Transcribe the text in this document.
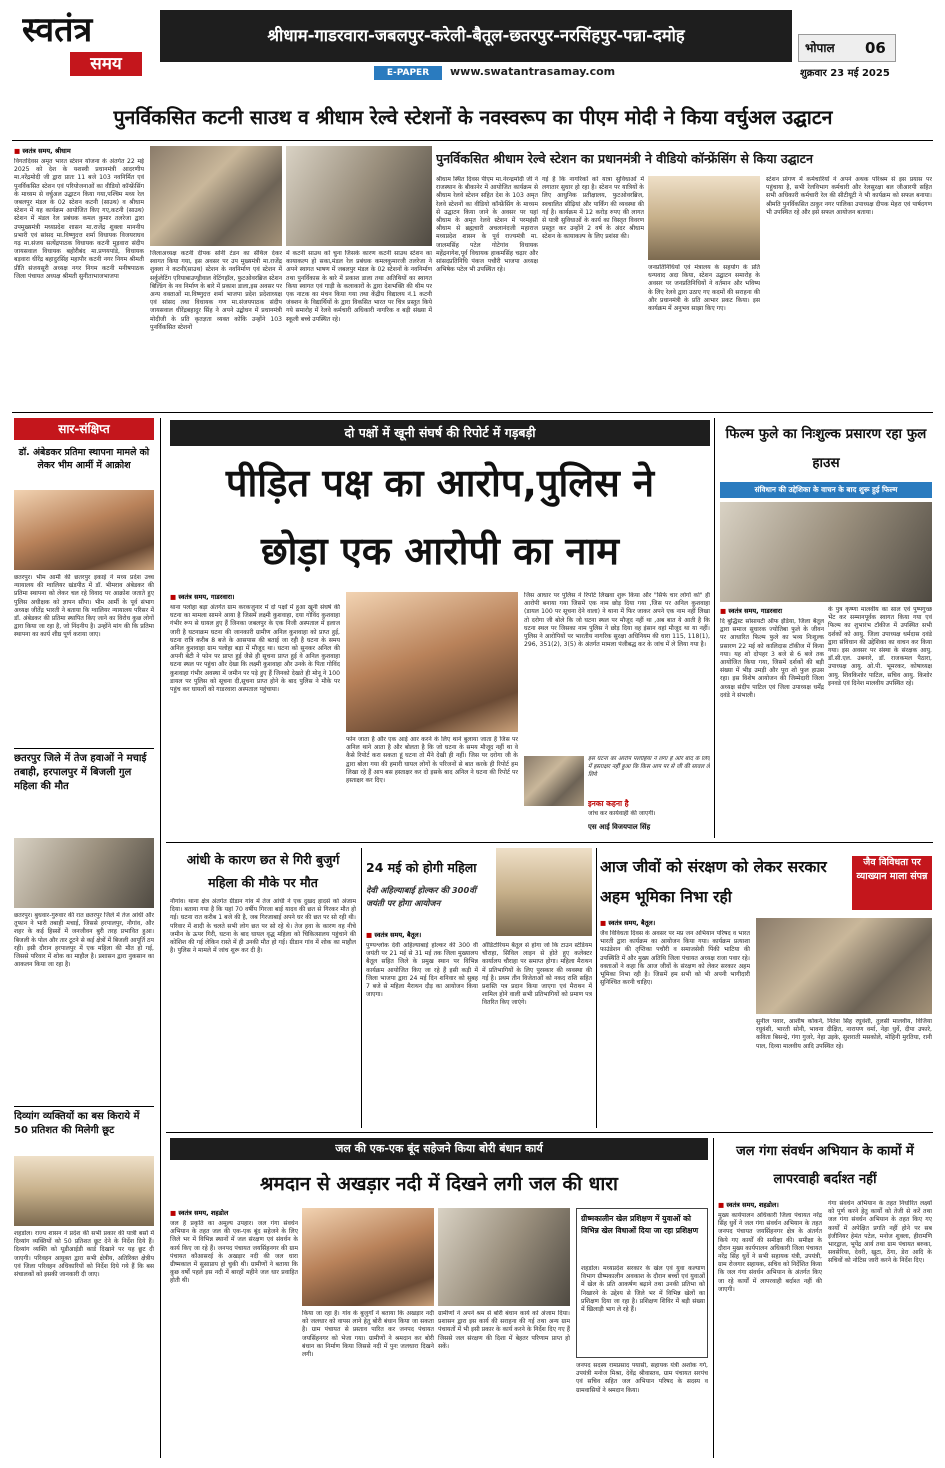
स्वतंत्र
समय
श्रीधाम-गाडरवारा-जबलपुर-करेली-बैतूल-छतरपुर-नरसिंहपुर-पन्ना-दमोह
भोपाल 06
E-PAPER	www.swatantrasamay.com	शुक्रवार 23 मई 2025
पुनर्विकसित कटनी साउथ व श्रीधाम रेल्वे स्टेशनों के नवस्वरूप का पीएम मोदी ने किया वर्चुअल उद्घाटन
■ स्वतंत्र समय, श्रीधाम
विगतदिवस अमृत भारत स्टेशन योजना के अंतर्गत 22 मई 2025 को देश के यशस्वी प्रधानमंत्री आदरणीय मा.नरेंद्रमोदी जी द्वारा प्रातः 11 बजे 103 नवनिर्मित एवं पुनर्विकसित स्टेशन एवं परियोजनाओं का वीडियो कॉन्फ्रेंसिंग के माध्यम से वर्चुअल उद्घाटन किया गया,पश्चिम मध्य रेल जबलपुर मंडल के 02 स्टेशन कटनी (साउथ) व श्रीधाम स्टेशन में यह कार्यक्रम आयोजित किए गए,कटनी (साउथ) स्टेशन में मंडल रेल प्रबंधक कमल कुमार तलरेजा द्वारा उपमुख्यमंत्री मध्यप्रदेश शासन मा.राजेंद्र शुक्ला माननीय प्रभारी एवं सांसद मा.विष्णुदत्त शर्मा विधायक विजयराघव गढ़ मा.संजय सत्येंद्रपाठक विधायक कटनी मुड़वारा संदीप जायसवाल विधायक बहोरीबंद मा.प्रणयपांडे, विधायक बड़वारा धीरेंद्र बहादुरसिंह महापौर कटनी नगर निगम श्रीमती प्रीति संजयसूरी अध्यक्ष नगर निगम कटनी मनीषपाठक जिला पंचायत अध्यक्ष श्रीमती सुनीताभाजभाजपा
जिलाअध्यक्ष कटनी दीपक सोनी टंडन का सेंथिल देकर स्वागत किया गया, इस अवसर पर उप मुख्यमंत्री मा.राजेंद्र शुक्ला ने कटनी(साउथ) स्टेशन के नवनिर्माण एवं स्टेशन में सर्कुलेटिंग एरियाबाउण्ड्रीवाल वेटिंगहॉल, फुटओवरब्रिज स्टेशन बिल्डिंग के नव निर्माण के बारे में प्रकाश डाला,इस अवसर पर अन्य वक्ताओं मा.विष्णुदत्त शर्मा भाजपा प्रदेश प्रदेशाध्यक्ष एवं सांसद तथा विधायक गण मा.संजयपाठक संदीप जायसवाल धीरेंद्रबहादुर सिंह ने अपने उद्बोधन में प्रधानमंत्री मोदीजी के प्रति कृतज्ञता व्यक्त कोकि उन्होंने 103 पुनर्विकसित स्टेशनों
में कटनी साउथ को चुना जिसके कारण कटनी साउथ स्टेशन का कायाकल्प हो सका,मंडल रेल प्रबंधक कमलकुमारजी तलरेजा ने अपने स्वागत भाषण में जबलपुर मंडल के 02 स्टेशनों के नवनिर्माण तथा पुनर्विकास के बारे में प्रकाश डाला तथा अतिथियों का स्वागत किया स्वागत एवं गाड़ी के कलाकारों के द्वारा देशभक्ति की थीम पर एक नाटक का मंचन किया गया तथा केंद्रीय विद्यालय नं.1 कटनी जंक्शन के विद्यार्थियों के द्वारा विकसित भारत पर चित्र प्रस्तुत किये गये समारोह में रेलवे कर्मचारी अधिकारी नागरिक व बड़ी संख्या में स्कूली बच्चे उपस्थित रहे।
पुनर्विकसित श्रीधाम रेल्वे स्टेशन का प्रधानमंत्री ने वीडियो कॉन्फ्रेंसिंग से किया उद्घाटन
श्रीधाम स्थित दिवस पीएम मा.नेरन्द्रमोदी जी ने राजस्थान के बीकानेर में आयोजित कार्यक्रम से श्रीधाम रेलवे स्टेशन सहित देश के 103 अमृत रेलवे स्टेशनों का वीडियो कॉन्फ्रेंसिंग के माध्यम से उद्घाटन किया जाने के अवसर पर यहां श्रीधाम के अमृत रेलवे स्टेशन में परमहंसी श्रीधाम से ब्रह्मचारी अचलानंदजी महाराज मध्यप्रदेश शासन के पूर्व राज्यमंत्री मा. जालमसिंह पटेल गोटेगांव विधायक महेंद्रनागेश,पूर्व विधायक हाकमसिंह चढ़ार और सांसदप्रतिनिधि पंकज पचौरी भाजपा अध्यक्ष अभिषेक पटेल भी उपस्थित रहे।
गई है कि नागरिकों को यात्रा सुविधाओं में लगातार सुधार हो रहा है। स्टेशन पर यात्रियों के लिए आधुनिक प्रतीक्षालय, फुटओवरब्रिज, स्वचालित सीढ़ियां और पार्किंग की व्यवस्था की गई है। कार्यक्रम में 12 करोड़ रुपए की लागत से यात्री सुविधाओं के कार्य का विस्तृत विवरण प्रस्तुत कर उन्होंने 2 वर्ष के अंदर श्रीधाम स्टेशन के कायाकल्प के लिए प्रशंसा की।
जनप्रतिनिधियों एवं मंत्रालय के सहयोग के प्रति धन्यवाद अदा किया, स्टेशन उद्घाटन समारोह के अवसर पर जनप्रतिनिधियों ने वर्तमान और भविष्य के लिए रेलवे द्वारा उठाए गए कदमों की सराहना की और प्रधानमंत्री के प्रति आभार प्रकट किया। इस कार्यक्रम में अनुभव साझा किए गए।
स्टेशन प्रांगण में कर्मचारियों ने अपने अथक परिश्रम से इस प्रयास पर पहुंचाया है, सभी रेलविभाग कर्मचारी और रेलसुरक्षा बल जीआरपी सहित सभी अधिकारी कर्मचारी रेल की सीटीयूटी ने भी कार्यक्रम को सफल बनाया। श्रीमति पुनर्विकसित ठाकुर नगर पालिका उपाध्यक्ष दीपक मेहरा एवं पार्षदगण भी उपस्थित रहे और इसे सफल आयोजन बताया।
सार-संक्षिप्त
डॉ. अंबेडकर प्रतिमा स्थापना मामले को लेकर भीम आर्मी में आक्रोश
छतरपुर। भीम आर्मी की छतरपुर इकाई ने मध्य प्रदेश उच्च न्यायालय की ग्वालियर खंडपीठ में डॉ. भीमराव अंबेडकर की प्रतिमा स्थापना को लेकर चल रहे विवाद पर आक्रोश जताते हुए पुलिस अधीक्षक को ज्ञापन सौंपा। भीम आर्मी के पूर्व संभाग अध्यक्ष जीतेंद्र भारती ने बताया कि ग्वालियर न्यायालय परिसर में डॉ. अंबेडकर की प्रतिमा स्थापित किए जाने का विरोध कुछ लोगों द्वारा किया जा रहा है, जो निंदनीय है। उन्होंने मांग की कि प्रतिमा स्थापना का कार्य शीघ्र पूर्ण कराया जाए।
छतरपुर जिले में तेज हवाओं ने मचाई तबाही, हरपालपुर में बिजली गुल महिला की मौत
छतरपुर। बुधवार-गुरुवार की रात छतरपुर जिले में तेज आंधी और तूफान ने भारी तबाही मचाई, जिससे हरपालपुर, नौगांव, और शहर के कई हिस्सों में जनजीवन बुरी तरह प्रभावित हुआ। बिजली के पोल और तार टूटने से कई क्षेत्रों में बिजली आपूर्ति ठप रही। इसी दौरान हरपालपुर में एक महिला की मौत हो गई, जिससे परिवार में शोक का माहौल है। प्रशासन द्वारा नुकसान का आकलन किया जा रहा है।
दिव्यांग व्यक्तियों का बस किराये में 50 प्रतिशत की मिलेगी छूट
शहडोल। राज्य शासन ने प्रदेश की सभी प्रकार की यात्री बसों में दिव्यांग व्यक्तियों को 50 प्रतिशत छूट देने के निर्देश दिये हैं। दिव्यांग व्यक्ति को यूडीआईडी कार्ड दिखाने पर यह छूट दी जाएगी। परिवहन आयुक्त द्वारा सभी क्षेत्रीय, अतिरिक्त क्षेत्रीय एवं जिला परिवहन अधिकारियों को निर्देश दिये गये हैं कि बस संचालकों को इसकी जानकारी दी जाए।
दो पक्षों में खूनी संघर्ष की रिपोर्ट में गड़बड़ी
पीड़ित पक्ष का आरोप,पुलिस ने
छोड़ा एक आरोपी का नाम
■ स्वतंत्र समय, गाडरवारा।
थाना पलोहा बड़ा अंतर्गत ग्राम करकजुनार में दो पक्षों में हुआ खूनी संघर्ष की घटना का मामला सामने आया है जिसमें लक्ष्मी कुशवाहा, दया गोविंद कुशवाहा गंभीर रूप से घायल हुए हैं जिनका जबलपुर के एक निजी अस्पताल में इलाज जारी है घटनाक्रम घटना की जानकारी ग्रामीण अनिल कुशवाहा को प्राप्त हुई, घटना रात्रि करीब 8 बजे के आसपास की बताई जा रही है घटना के समय अनिल कुशवाहा ग्राम पलोहा बड़ा में मौजूद था। घटना को सुनकर अनिल की अपनी बेटी ने फोन पर प्राप्त हुई जैसे ही सूचना प्राप्त हुई वे अनिल कुशवाहा घटना स्थल पर पहुंचा और देखा कि लक्ष्मी कुशवाहा और उनके के पिता गोविंद कुशवाहा गंभीर अवस्था में जमीन पर पड़े हुए हैं जिनको देखते ही मोनू ने 100 डायल पर पुलिस को सूचना दी,सूचना प्राप्त होने के बाद पुलिस ने मौके पर पहुंच कर घायलों को गाडरवारा अस्पताल पहुंचाया।
फोन जाता है और एक आई आर करने के लिए थाने बुलाया जाता है जिस पर अनिल थाने आता है और बोलता है कि जो घटना के समय मौजूद नहीं था वे कैसे रिपोर्ट करा सकता हूं घटना तो मैंने देखी ही नहीं। जिस पर दरोगा जी के द्वारा बोला गया की हमारी घायल लोगों के परिजनों से बात करके ही रिपोर्ट हम लिखा रहे हैं आप बस हस्ताक्षर कर दो इसके बाद अनिल ने घटना की रिपोर्ट पर हस्ताक्षर कर दिए।
जिस आधार पर पुलिस ने रिपोर्ट लिखवा शुरू किया और "सिर्फ चार लोगों को" ही आरोपी बनाया गया जिसमें एक नाम छोड़ दिया गया ,जिस पर अनिल कुशवाहा (डायल 100 पर सूचना देने वाला) ने थाना में फिर जाकर अपने एक नाम नहीं लिखा तो दरोगा जी बोले कि जो घटना स्थल पर मौजूद नहीं था ,अब बात ये आती है कि घटना स्थल पर जिसका नाम पुलिस ने छोड़ दिया वह इंसान वहां मौजूद था या नहीं। पुलिस ने आरोपियों पर भारतीय नागरिक सुरक्षा अधिनियम की धारा 115, 118(1), 296, 351(2), 3(5) के अंतर्गत मामला पंजीबद्ध कर के जांच में ले लिया गया है।
इस घटना का आरोप पलोहिया ने लगा है और बाद के लिए में हस्ताक्षर नहीं हुआ कि किस आप पर से जी की सावल लें लिये
इनका कहना है
जांच कर कार्यवाही की जाएगी।
एस आई विजयपाल सिंह
फिल्म फुले का निःशुल्क प्रसारण रहा फुल हाउस
संविधान की उद्देशिका के वाचन के बाद शुरू हुई फिल्म
■ स्वतंत्र समय, गाडरवारा
दि बुद्धिस्ट सोसायटी ऑफ इंडिया, जिला बैतूल द्वारा समाज सुधारक ज्योतिबा फुले के जीवन पर आधारित फिल्म फुले का भव्य निःशुल्क प्रसारण 22 मई को कालिदास टॉकीज में किया गया। यह शो दोपहर 3 बजे से 6 बजे तक आयोजित किया गया, जिसमें दर्शकों की बड़ी संख्या में भीड़ उमड़ी और पूरा शो फुल हाउस रहा। इस विशेष आयोजन की जिम्मेदारी जिला अध्यक्ष संदीप पाटिल एवं जिला उपाध्यक्ष धर्मेंद्र दवंडे ने संभाली।
के पुत्र कृष्णा मालवीय का साल एवं पुष्पगुच्छ भेंट कर सम्मानपूर्वक स्वागत किया गया एवं फिल्म का शुभारंभ टॉकीज में उपस्थित सभी दर्शकों को आयु. जिला उपाध्यक्ष धर्मदास दवंडे द्वारा संविधान की उद्देशिका का वाचन कर किया गया। इस अवसर पर संस्था के संरक्षक आयु. डॉ.सी.एल. उबनारे, डॉ. राजकमल पैठारा, उपाध्यक्ष आयु. ओ.पी. भूमरकर, कोषाध्यक्ष आयु. शिवकिशोर पाटिल, सचिव आयु. किशोर इनवडे एवं दिनेश मालवीय उपस्थित रहे।
आंधी के कारण छत से गिरी बुजुर्ग महिला की मौके पर मौत
नौगांव। थाना क्षेत्र अंतर्गत ग्रीडान गांव में तेज आंधी ने एक दुखद हादसे को अंजाम दिया। बताया गया है कि यहां 70 वर्षीय गिरजा बाई यादव की छत से गिरकर मौत हो गई। घटना रात करीब 1 बजे की है, जब गिरजाबाई अपने घर की छत पर सो रही थी। परिवार में शादी के चलते सभी लोग छत पर सो रहे थे। तेज हवा के कारण वह नीचे जमीन के ऊपर गिरी, घटना के बाद घायल वृद्ध महिला को चिकित्सालय पहुंचाने की कोशिश की गई लेकिन रास्ते में ही उनकी मौत हो गई। ग्रीडान गांव में शोक का माहौल है। पुलिस ने मामले में जांच शुरू कर दी है।
24 मई को होगी महिला
देवी अहिल्याबाई होल्कर की 300वीं जयंती पर होगा आयोजन
■ स्वतंत्र समय, बैतूल।
पुण्यश्लोक देवी अहिल्याबाई होल्कर की 300 वीं जयंती पर 21 मई से 31 मई तक जिला मुख्यालय बैतूल सहित जिले के प्रमुख स्थान पर विभिन्न कार्यक्रम आयोजित किए जा रहे हैं इसी कड़ी में जिला भाजपा द्वारा 24 मई दिन शनिवार को सुबह 7 बजे से महिला मैराथन दौड़ का आयोजन किया जाएगा।
ऑडिटोरियम बैतूल से होगा जो कि टाउन स्टेडियम चौराहा, सिविल लाइन से होते हुए कलेक्टर कार्यालय चौराहा पर समाप्त होगा। महिला मैराथन में प्रतिभागियों के लिए पुरस्कार की व्यवस्था की गई है। प्रथम तीन विजेताओं को नकद राशि सहित प्रशस्ति पत्र प्रदान किया जाएगा एवं मैराथन में शामिल होने वाली सभी प्रतिभागियों को प्रमाण पत्र वितरित किए जाएंगे।
आज जीवों को संरक्षण को लेकर सरकार अहम भूमिका निभा रही
जैव विविधता पर व्याख्यान माला संपन्न
■ स्वतंत्र समय, बैतूल।
जैव विविधता दिवस के अवसर पर मप्र जन अभियान परिषद व भारत भारती द्वारा कार्यक्रम का आयोजन किया गया। कार्यक्रम प्रत्याशा फाउंडेशन की तृप्तिका पचौरी व समाजसेवी पिंकी भाटिया की उपस्थिति में और मुख्य अतिथि जिला पंचायत अध्यक्ष राजा पवार रहे। वक्ताओं ने कहा कि आज जीवों के संरक्षण को लेकर सरकार अहम भूमिका निभा रही है। जिसमें हम सभी को भी अपनी भागीदारी सुनिश्चित करनी चाहिए।
सुनील पवार, आशीष कोकने, नितेश सिंह रघुवंशी, तुलसी मालवीय, विजिया रघुवंशी, भारती सोनी, भावना दीक्षित, नारायण वर्मा, नेहा धुर्वे, दीपा उफारे, कविता बिसन्द्रे, गंगा गुजरे, नेहा उइके, सुशराती मसकोले, मोहिनी मुरतिया, रानी पाल, दिव्या मालवीय आदि उपस्थित रहे।
जल की एक-एक बूंद सहेजने किया बोरी बंधान कार्य
श्रमदान से अखड़ार नदी में दिखने लगी जल की धारा
■ स्वतंत्र समय, शहडोल
जल है प्रकृति का अमूल्य उपहार। जल गंगा संवर्धन अभियान के तहत जल की एक-एक बूंद सहेजने के लिए जिले भर में विभिन्न स्थानों में जल संरक्षण एवं संवर्धन के कार्य किए जा रहे हैं। जनपद पंचायत जयसिंहनगर की ग्राम पंचायत कौआसरई के अखड़ार नदी की जल धारा ग्रीष्मकाल में सुसाप्राय हो चुकी थी। ग्रामीणों ने बताया कि कुछ वर्षों पहले इस नदी में बारहों महीने जल धार प्रवाहित होती थी।
किया जा रहा है। गांव के बुजुर्गों ने बताया कि अखड़ार नदी को जलधार को वापस लाने हेतु बोरी बंधान किया जा सकता है। ग्राम पंचायत से प्रस्ताव पारित कर जनपद पंचायत जयसिंहनगर को भेजा गया। ग्रामीणों ने श्रमदान कर बोरी बंधान का निर्माण किया जिससे नदी में पुनः जलधारा दिखने लगी।
ग्रामीणों ने अपने श्रम से बोरी बंधान कार्य को अंजाम दिया। प्रशासन द्वारा इस कार्य की सराहना की गई तथा अन्य ग्राम पंचायतों में भी इसी प्रकार के कार्य करने के निर्देश दिए गए हैं जिससे जल संरक्षण की दिशा में बेहतर परिणाम प्राप्त हो सकें।
ग्रीष्मकालीन खेल प्रशिक्षण में युवाओं को विभिन्न खेल विधाओं दिया जा रहा प्रशिक्षण
शहडोल। मध्यप्रदेश सरकार के खेल एवं युवा कल्याण विभाग ग्रीष्मकालीन अवकाश के दौरान बच्चों एवं युवाओं में खेल के प्रति आकर्षण बढ़ाने तथा उनकी प्रतिभा को निखारने के उद्देश्य से जिले भर में विभिन्न खेलों का प्रशिक्षण दिया जा रहा है। प्रशिक्षण शिविर में बड़ी संख्या में खिलाड़ी भाग ले रहे हैं।
जनपद सदस्य रामप्रसाद पयासी, सहायक यंत्री अशोक गर्ग, उपयंत्री मनोज मिश्रा, देवेंद्र श्रीवास्तव, ग्राम पंचायत सरपंच एवं सचिव सहित जल अभियान परिषद के सदस्य व ग्रामवासियों ने श्रमदान किया।
जल गंगा संवर्धन अभियान के कामों में लापरवाही बर्दाश्त नहीं
■ स्वतंत्र समय, शहडोल।
मुख्य कार्यपालन अधिकारी जिला पंचायत नरेंद्र सिंह धुर्वे ने जल गंगा संवर्धन अभियान के तहत जनपद पंचायत जयसिंहनगर क्षेत्र के अंतर्गत किये गए कार्यों की समीक्षा की। समीक्षा के दौरान मुख्य कार्यपालन अधिकारी जिला पंचायत नरेंद्र सिंह धुर्वे ने सभी सहायक यंत्री, उपयंत्री, ग्राम रोजगार सहायक, सचिव को निर्देशित किया कि जल गंगा संवर्धन अभियान के अंतर्गत किए जा रहे कार्यों में लापरवाही बर्दाश्त नहीं की जाएगी।
गंगा संवर्धन अभियान के तहत निर्धारित लक्ष्यों को पूर्ण करने हेतु कार्यों को तेजी से करें तथा जल गंगा संवर्धन अभियान के तहत किए गए कार्यों में अपेक्षित प्रगति नहीं होने पर सब इंजीनियर हेमंत पटेल, मनोज शुक्ला, हीरामणि भारद्वाज, भूपेंद्र आर्य तथा ग्राम पंचायत बरुका, सवसेरिया, देवरी, खुटा, ठेंगा, डेरा आदि के सचिवों को नोटिस जारी करने के निर्देश दिए।
